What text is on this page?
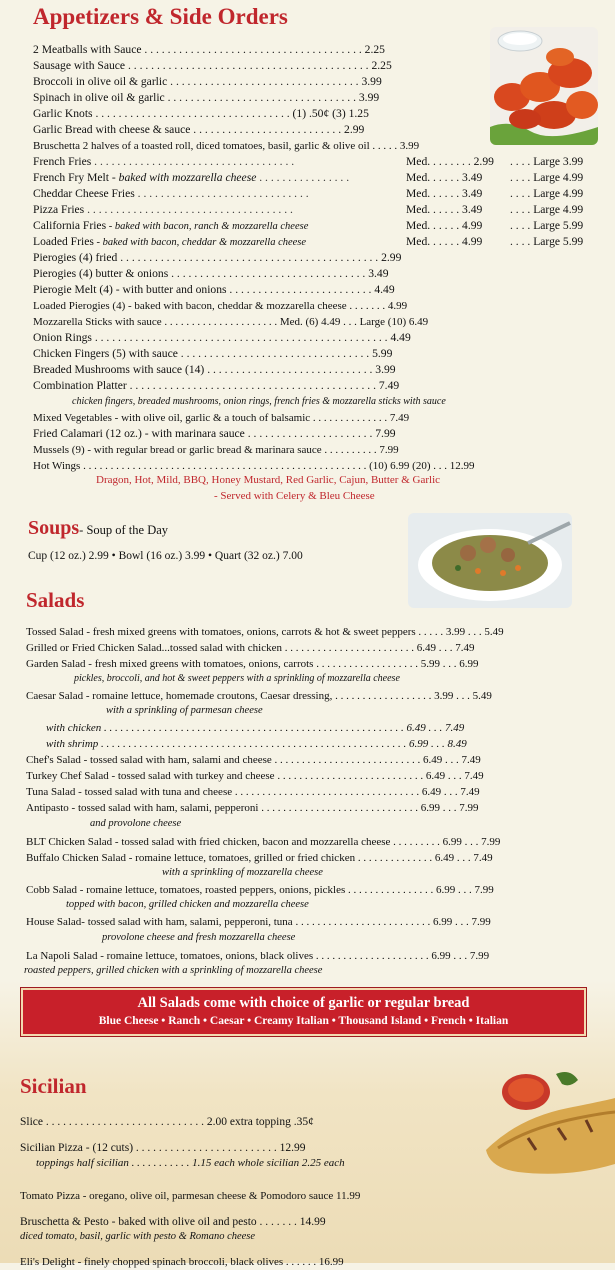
Appetizers & Side Orders
2 Meatballs with Sauce . . . . . . . . . . . . . . . . . . . . . . . . . . . . . . . . . . . . . . 2.25
Sausage with Sauce . . . . . . . . . . . . . . . . . . . . . . . . . . . . . . . . . . . . . . . . . . 2.25
Broccoli in olive oil & garlic . . . . . . . . . . . . . . . . . . . . . . . . . . . . . . . . . 3.99
Spinach in olive oil & garlic . . . . . . . . . . . . . . . . . . . . . . . . . . . . . . . . . 3.99
Garlic Knots . . . . . . . . . . . . . . . . . . . . . . . . . . . . . . . . . . (1) .50¢ (3) 1.25
Garlic Bread with cheese & sauce . . . . . . . . . . . . . . . . . . . . . . . . . . 2.99
Bruschetta 2 halves of a toasted roll, diced tomatoes, basil, garlic & olive oil . . . . . 3.99
French Fries . . . . . . . . . . . . . . . . . . . . . . . . . . . . . . . . . . .	Med. . . . . . . . 2.99 . . . . Large 3.99
French Fry Melt - baked with mozzarella cheese . . . . . . . . . . . . . . . .	Med. . . . . . 3.49 . . . . Large 4.99
Cheddar Cheese Fries . . . . . . . . . . . . . . . . . . . . . . . . . . . . . .	Med. . . . . . 3.49 . . . . Large 4.99
Pizza Fries . . . . . . . . . . . . . . . . . . . . . . . . . . . . . . . . . . . .	Med. . . . . . 3.49 . . . . Large 4.99
California Fries - baked with bacon, ranch & mozzarella cheese	Med. . . . . . 4.99 . . . . Large 5.99
Loaded Fries - baked with bacon, cheddar & mozzarella cheese	Med. . . . . . 4.99 . . . . Large 5.99
Pierogies (4) fried . . . . . . . . . . . . . . . . . . . . . . . . . . . . . . . . . . . . . . . . . . . . . 2.99
Pierogies (4) butter & onions . . . . . . . . . . . . . . . . . . . . . . . . . . . . . . . . . . 3.49
Pierogie Melt (4) - with butter and onions . . . . . . . . . . . . . . . . . . . . . . . . . 4.49
Loaded Pierogies (4) - baked with bacon, cheddar & mozzarella cheese . . . . . . . 4.99
Mozzarella Sticks with sauce . . . . . . . . . . . . . . . . . . . . . Med. (6) 4.49 . . . Large (10) 6.49
Onion Rings . . . . . . . . . . . . . . . . . . . . . . . . . . . . . . . . . . . . . . . . . . . . . . . . . . . 4.49
Chicken Fingers (5) with sauce . . . . . . . . . . . . . . . . . . . . . . . . . . . . . . . . . 5.99
Breaded Mushrooms with sauce (14) . . . . . . . . . . . . . . . . . . . . . . . . . . . . . 3.99
Combination Platter . . . . . . . . . . . . . . . . . . . . . . . . . . . . . . . . . . . . . . . . . . . 7.49
chicken fingers, breaded mushrooms, onion rings, french fries & mozzarella sticks with sauce
Mixed Vegetables - with olive oil, garlic & a touch of balsamic . . . . . . . . . . . . . . 7.49
Fried Calamari (12 oz.) - with marinara sauce . . . . . . . . . . . . . . . . . . . . . . 7.99
Mussels (9) - with regular bread or garlic bread & marinara sauce . . . . . . . . . . 7.99
Hot Wings . . . . . . . . . . . . . . . . . . . . . . . . . . . . . . . . . . . . . . . . . . . . . . . . . . . . (10) 6.99 (20) . . . 12.99
Dragon, Hot, Mild, BBQ, Honey Mustard, Red Garlic, Cajun, Butter & Garlic
- Served with Celery & Bleu Cheese
Soups- Soup of the Day
Cup (12 oz.) 2.99 • Bowl (16 oz.) 3.99 • Quart (32 oz.) 7.00
Salads
Tossed Salad - fresh mixed greens with tomatoes, onions, carrots & hot & sweet peppers . . . . . 3.99 . . . 5.49
Grilled or Fried Chicken Salad...tossed salad with chicken . . . . . . . . . . . . . . . . . . . . . . . . 6.49 . . . 7.49
Garden Salad - fresh mixed greens with tomatoes, onions, carrots . . . . . . . . . . . . . . . . . . . 5.99 . . . 6.99
pickles, broccoli, and hot & sweet peppers with a sprinkling of mozzarella cheese
Caesar Salad - romaine lettuce, homemade croutons, Caesar dressing, . . . . . . . . . . . . . . . . . . 3.99 . . . 5.49
with a sprinkling of parmesan cheese
with chicken . . . . . . . . . . . . . . . . . . . . . . . . . . . . . . . . . . . . . . . . . . . . . . . . . . . . . . . 6.49 . . . 7.49
with shrimp . . . . . . . . . . . . . . . . . . . . . . . . . . . . . . . . . . . . . . . . . . . . . . . . . . . . . . . . 6.99 . . . 8.49
Chef's Salad - tossed salad with ham, salami and cheese . . . . . . . . . . . . . . . . . . . . . . . . . . . 6.49 . . . 7.49
Turkey Chef Salad - tossed salad with turkey and cheese . . . . . . . . . . . . . . . . . . . . . . . . . . . 6.49 . . . 7.49
Tuna Salad - tossed salad with tuna and cheese . . . . . . . . . . . . . . . . . . . . . . . . . . . . . . . . . . 6.49 . . . 7.49
Antipasto - tossed salad with ham, salami, pepperoni . . . . . . . . . . . . . . . . . . . . . . . . . . . . . 6.99 . . . 7.99
and provolone cheese
BLT Chicken Salad - tossed salad with fried chicken, bacon and mozzarella cheese . . . . . . . . . 6.99 . . . 7.99
Buffalo Chicken Salad - romaine lettuce, tomatoes, grilled or fried chicken . . . . . . . . . . . . . . 6.49 . . . 7.49
with a sprinkling of mozzarella cheese
Cobb Salad - romaine lettuce, tomatoes, roasted peppers, onions, pickles . . . . . . . . . . . . . . . . 6.99 . . . 7.99
topped with bacon, grilled chicken and mozzarella cheese
House Salad- tossed salad with ham, salami, pepperoni, tuna . . . . . . . . . . . . . . . . . . . . . . . . . 6.99 . . . 7.99
provolone cheese and fresh mozzarella cheese
La Napoli Salad - romaine lettuce, tomatoes, onions, black olives . . . . . . . . . . . . . . . . . . . . . 6.99 . . . 7.99
roasted peppers, grilled chicken with a sprinkling of mozzarella cheese
All Salads come with choice of garlic or regular bread
Blue Cheese • Ranch • Caesar • Creamy Italian • Thousand Island • French • Italian
Sicilian
Slice . . . . . . . . . . . . . . . . . . . . . . . . . . . . 2.00 extra topping .35¢
Sicilian Pizza - (12 cuts) . . . . . . . . . . . . . . . . . . . . . . . . . 12.99
toppings half sicilian . . . . . . . . . . . 1.15 each whole sicilian 2.25 each
Tomato Pizza - oregano, olive oil, parmesan cheese & Pomodoro sauce 11.99
Bruschetta & Pesto - baked with olive oil and pesto . . . . . . . 14.99
diced tomato, basil, garlic with pesto & Romano cheese
Eli's Delight - finely chopped spinach broccoli, black olives . . . . . . 16.99
